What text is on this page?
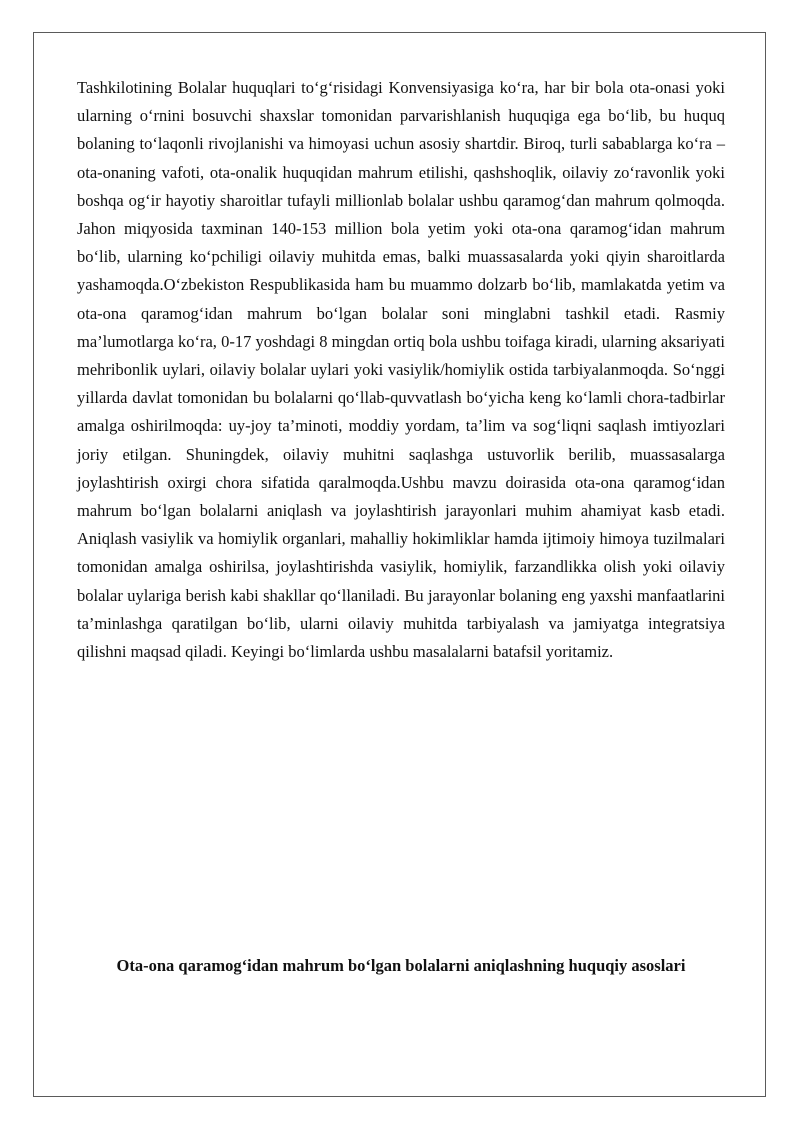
Tashkilotining Bolalar huquqlari to‘g‘risidagi Konvensiyasiga ko‘ra, har bir bola ota-onasi yoki ularning o‘rnini bosuvchi shaxslar tomonidan parvarishlanish huquqiga ega bo‘lib, bu huquq bolaning to‘laqonli rivojlanishi va himoyasi uchun asosiy shartdir. Biroq, turli sabablarga ko‘ra – ota-onaning vafoti, ota-onalik huquqidan mahrum etilishi, qashshoqlik, oilaviy zo‘ravonlik yoki boshqa og‘ir hayotiy sharoitlar tufayli millionlab bolalar ushbu qaramog‘dan mahrum qolmoqda. Jahon miqyosida taxminan 140-153 million bola yetim yoki ota-ona qaramog‘idan mahrum bo‘lib, ularning ko‘pchiligi oilaviy muhitda emas, balki muassasalarda yoki qiyin sharoitlarda yashamoqda.O‘zbekiston Respublikasida ham bu muammo dolzarb bo‘lib, mamlakatda yetim va ota-ona qaramog‘idan mahrum bo‘lgan bolalar soni minglabni tashkil etadi. Rasmiy ma’lumotlarga ko‘ra, 0-17 yoshdagi 8 mingdan ortiq bola ushbu toifaga kiradi, ularning aksariyati mehribonlik uylari, oilaviy bolalar uylari yoki vasiylik/homiylik ostida tarbiyalanmoqda. So‘nggi yillarda davlat tomonidan bu bolalarni qo‘llab-quvvatlash bo‘yicha keng ko‘lamli chora-tadbirlar amalga oshirilmoqda: uy-joy ta’minoti, moddiy yordam, ta’lim va sog‘liqni saqlash imtiyozlari joriy etilgan. Shuningdek, oilaviy muhitni saqlashga ustuvorlik berilib, muassasalarga joylashtirish oxirgi chora sifatida qaralmoqda.Ushbu mavzu doirasida ota-ona qaramog‘idan mahrum bo‘lgan bolalarni aniqlash va joylashtirish jarayonlari muhim ahamiyat kasb etadi. Aniqlash vasiylik va homiylik organlari, mahalliy hokimliklar hamda ijtimoiy himoya tuzilmalari tomonidan amalga oshirilsa, joylashtirishda vasiylik, homiylik, farzandlikka olish yoki oilaviy bolalar uylariga berish kabi shakllar qo‘llaniladi. Bu jarayonlar bolaning eng yaxshi manfaatlarini ta’minlashga qaratilgan bo‘lib, ularni oilaviy muhitda tarbiyalash va jamiyatga integratsiya qilishni maqsad qiladi. Keyingi bo‘limlarda ushbu masalalarni batafsil yoritamiz.

Ota-ona qaramog‘idan mahrum bo‘lgan bolalarni aniqlashning huquqiy asoslari
